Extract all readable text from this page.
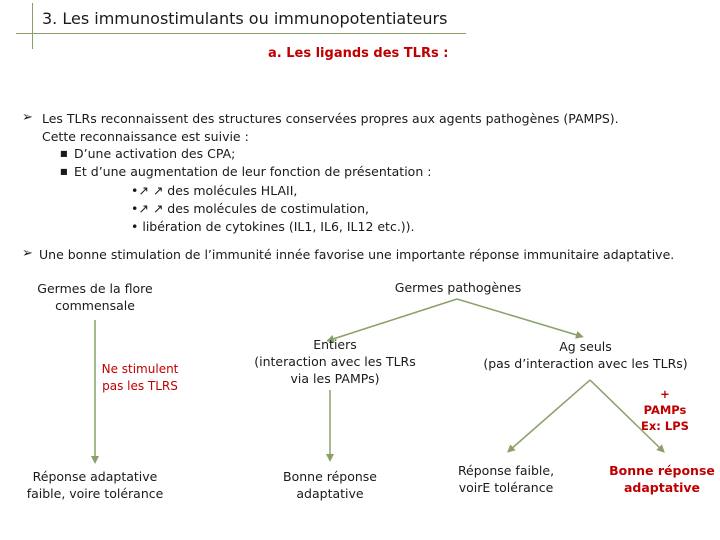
3. Les immunostimulants ou immunopotentiateurs
a. Les ligands des TLRs :
➢ Les TLRs reconnaissent des structures conservées propres aux agents pathogènes (PAMPS).
Cette reconnaissance est suivie :
■ D’une activation des CPA;
■ Et d’une augmentation de leur fonction de présentation :
•↗ ↗ des molécules HLAII,
•↗ ↗ des molécules de costimulation,
• libération de cytokines (IL1, IL6, IL12 etc.)).
➢ Une bonne stimulation de l’immunité innée favorise une importante réponse immunitaire adaptative.
Germes de la flore
commensale
Germes pathogènes
Ne stimulent
pas les TLRS
Entiers
(interaction avec les TLRs
via les PAMPs)
Ag seuls
(pas d’interaction avec les TLRs)
+
PAMPs
Ex: LPS
Réponse adaptative
faible, voire tolérance
Bonne réponse
adaptative
Réponse faible,
voirE tolérance
Bonne réponse
adaptative
